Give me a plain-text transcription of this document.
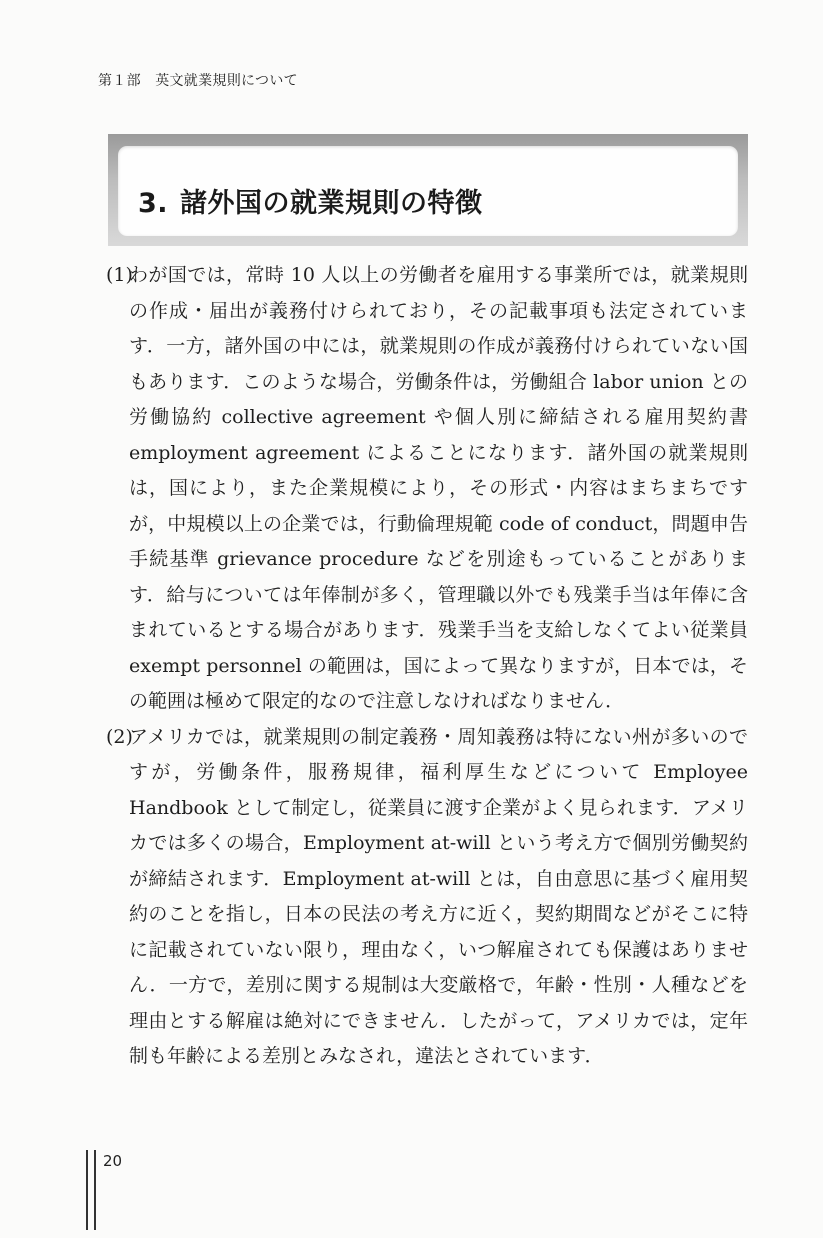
第１部　英文就業規則について
3. 諸外国の就業規則の特徴

(1)
わが国では，常時 10 人以上の労働者を雇用する事業所では，就業規則の作成・届出が義務付けられており，その記載事項も法定されています．一方，諸外国の中には，就業規則の作成が義務付けられていない国もあります．このような場合，労働条件は，労働組合 labor union との労働協約 collective agreement や個人別に締結される雇用契約書 employment agreement によることになります．諸外国の就業規則は，国により，また企業規模により，その形式・内容はまちまちですが，中規模以上の企業では，行動倫理規範 code of conduct，問題申告手続基準 grievance procedure などを別途もっていることがあります．給与については年俸制が多く，管理職以外でも残業手当は年俸に含まれているとする場合があります．残業手当を支給しなくてよい従業員 exempt personnel の範囲は，国によって異なりますが，日本では，その範囲は極めて限定的なので注意しなければなりません．

(2)
アメリカでは，就業規則の制定義務・周知義務は特にない州が多いのですが，労働条件，服務規律，福利厚生などについて Employee Handbook として制定し，従業員に渡す企業がよく見られます．アメリカでは多くの場合，Employment at-will という考え方で個別労働契約が締結されます．Employment at-will とは，自由意思に基づく雇用契約のことを指し，日本の民法の考え方に近く，契約期間などがそこに特に記載されていない限り，理由なく，いつ解雇されても保護はありません．一方で，差別に関する規制は大変厳格で，年齢・性別・人種などを理由とする解雇は絶対にできません．したがって，アメリカでは，定年制も年齢による差別とみなされ，違法とされています．

20
